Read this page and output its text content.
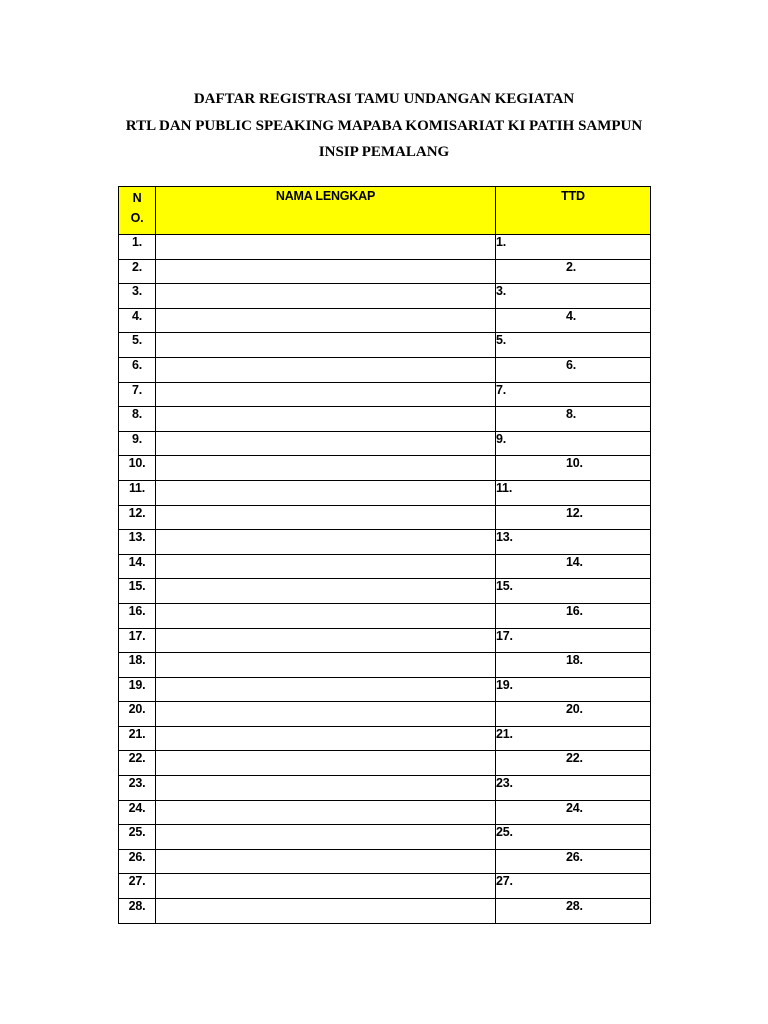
DAFTAR REGISTRASI TAMU UNDANGAN KEGIATAN
RTL DAN PUBLIC SPEAKING MAPABA KOMISARIAT KI PATIH SAMPUN
INSIP PEMALANG
NO.	NAMA LENGKAP	TTD

1.		1.
2.		2.
3.		3.
4.		4.
5.		5.
6.		6.
7.		7.
8.		8.
9.		9.
10.		10.
11.		11.
12.		12.
13.		13.
14.		14.
15.		15.
16.		16.
17.		17.
18.		18.
19.		19.
20.		20.
21.		21.
22.		22.
23.		23.
24.		24.
25.		25.
26.		26.
27.		27.
28.		28.
